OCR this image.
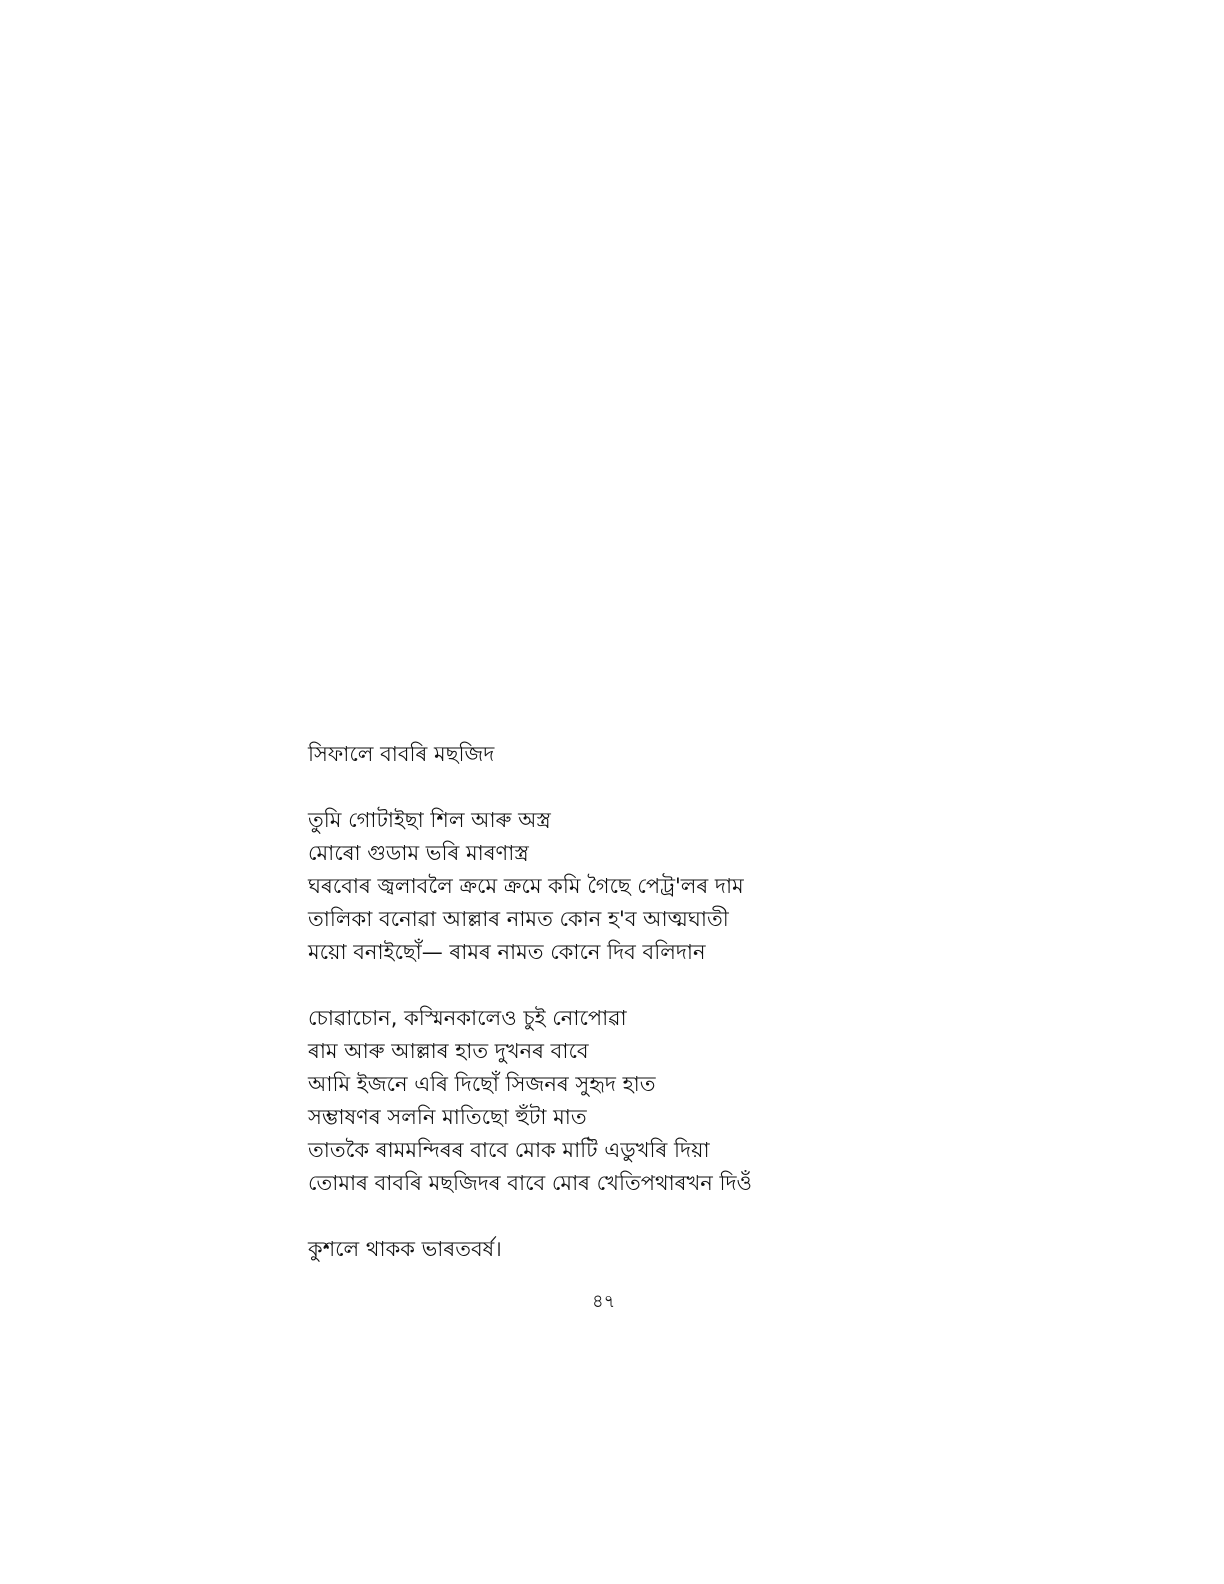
সিফালে বাবৰি মছজিদ
তুমি গোটাইছা শিল আৰু অস্ত্র
মোৰো গুডাম ভৰি মাৰণাস্ত্র
ঘৰবোৰ জ্বলাবলৈ ক্ৰমে ক্ৰমে কমি গৈছে পেট্ৰ'লৰ দাম
তালিকা বনোৱা আল্লাৰ নামত কোন হ'ব আত্মঘাতী
ময়ো বনাইছোঁ— ৰামৰ নামত কোনে দিব বলিদান
চোৱাচোন, কস্মিনকালেও চুই নোপোৱা
ৰাম আৰু আল্লাৰ হাত দুখনৰ বাবে
আমি ইজনে এৰি দিছোঁ সিজনৰ সুহৃদ হাত
সম্ভাষণৰ সলনি মাতিছো হুঁটা মাত
তাতকৈ ৰামমন্দিৰৰ বাবে মোক মাটি এডুখৰি দিয়া
তোমাৰ বাবৰি মছজিদৰ বাবে মোৰ খেতিপথাৰখন দিওঁ
কুশলে থাকক ভাৰতবৰ্ষ।
৪৭
